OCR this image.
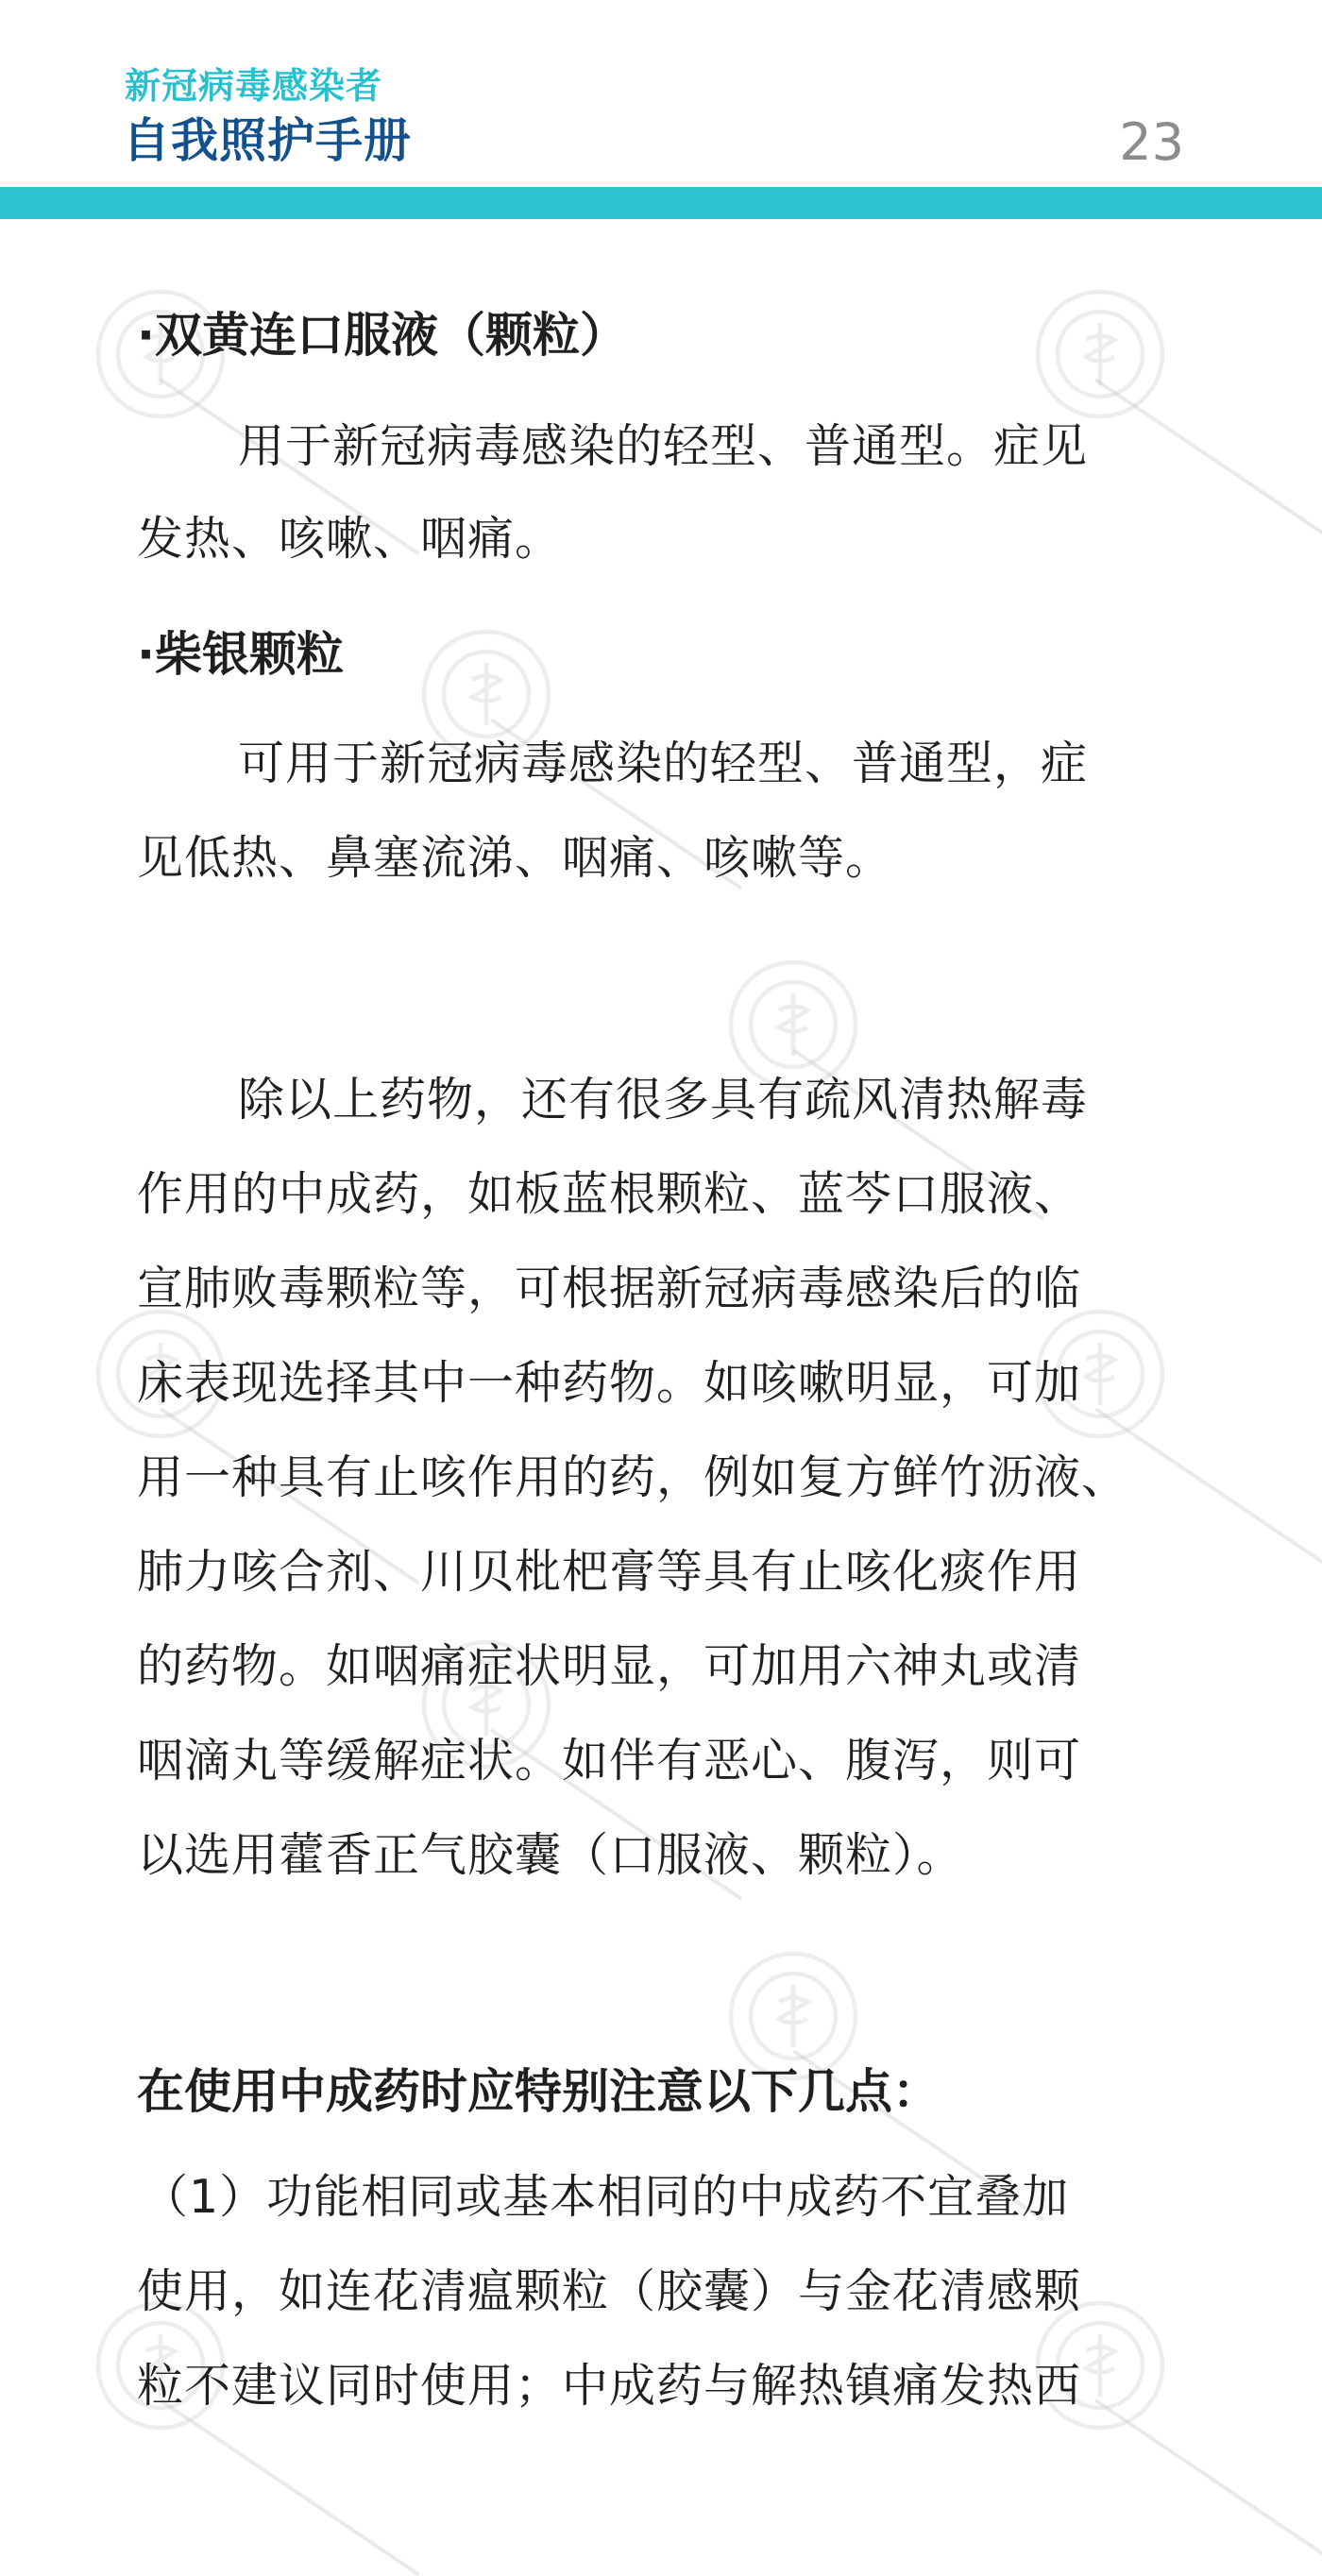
新冠病毒感染者
自我照护手册	23
·双黄连口服液（颗粒）
用于新冠病毒感染的轻型、普通型。症见
发热、咳嗽、咽痛。
·柴银颗粒
可用于新冠病毒感染的轻型、普通型，症
见低热、鼻塞流涕、咽痛、咳嗽等。
除以上药物，还有很多具有疏风清热解毒
作用的中成药，如板蓝根颗粒、蓝芩口服液、
宣肺败毒颗粒等，可根据新冠病毒感染后的临
床表现选择其中一种药物。如咳嗽明显，可加
用一种具有止咳作用的药，例如复方鲜竹沥液、
肺力咳合剂、川贝枇杷膏等具有止咳化痰作用
的药物。如咽痛症状明显，可加用六神丸或清
咽滴丸等缓解症状。如伴有恶心、腹泻，则可
以选用藿香正气胶囊（口服液、颗粒）。
在使用中成药时应特别注意以下几点：
（1）功能相同或基本相同的中成药不宜叠加
使用，如连花清瘟颗粒（胶囊）与金花清感颗
粒不建议同时使用；中成药与解热镇痛发热西
